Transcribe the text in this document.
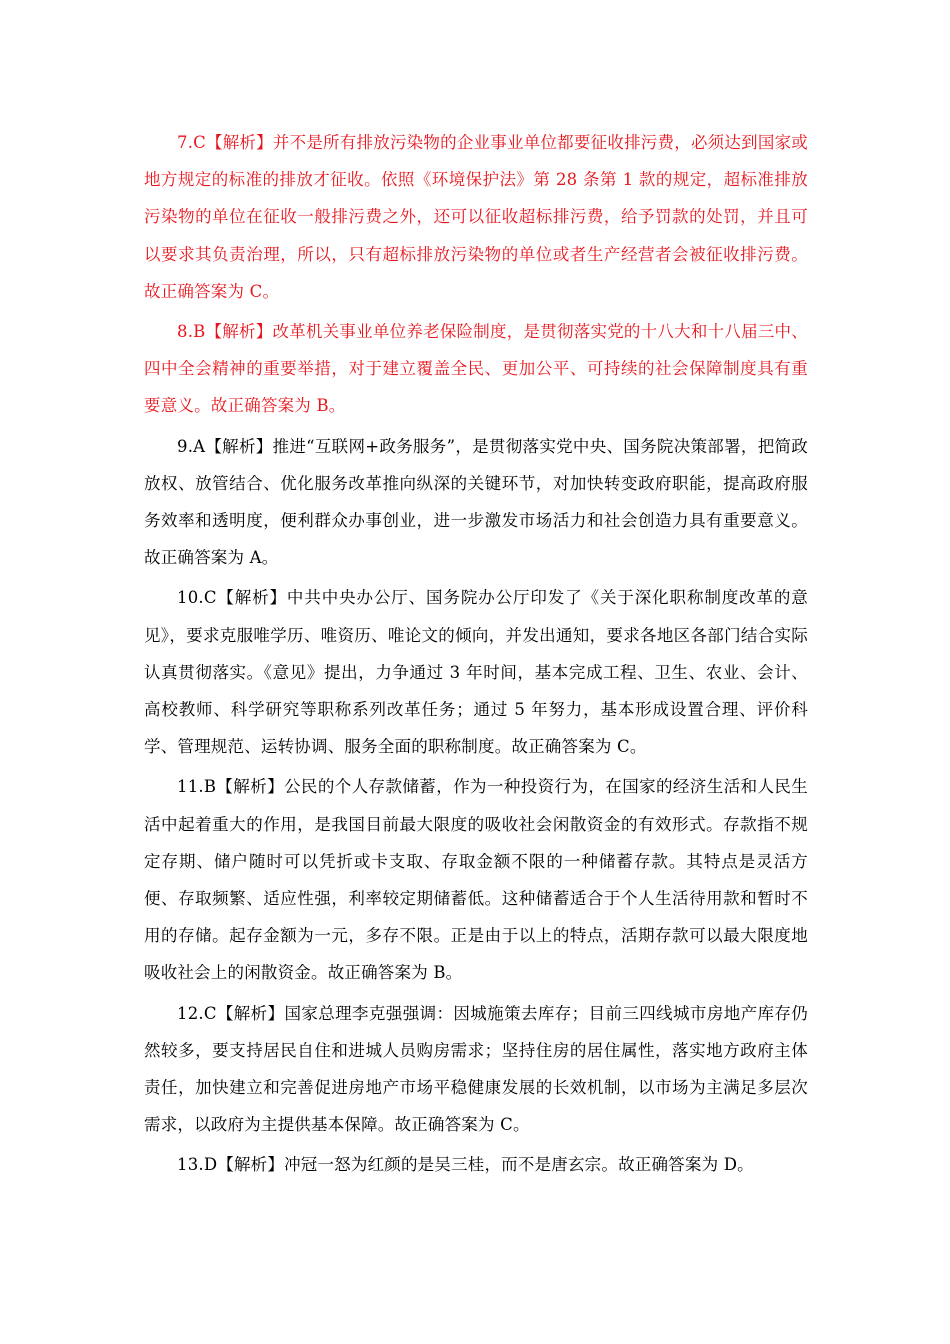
7.C【解析】并不是所有排放污染物的企业事业单位都要征收排污费，必须达到国家或地方规定的标准的排放才征收。依照《环境保护法》第 28 条第 1 款的规定，超标准排放污染物的单位在征收一般排污费之外，还可以征收超标排污费，给予罚款的处罚，并且可以要求其负责治理，所以，只有超标排放污染物的单位或者生产经营者会被征收排污费。故正确答案为 C。

8.B【解析】改革机关事业单位养老保险制度，是贯彻落实党的十八大和十八届三中、四中全会精神的重要举措，对于建立覆盖全民、更加公平、可持续的社会保障制度具有重要意义。故正确答案为 B。

9.A【解析】推进“互联网+政务服务”，是贯彻落实党中央、国务院决策部署，把简政放权、放管结合、优化服务改革推向纵深的关键环节，对加快转变政府职能，提高政府服务效率和透明度，便利群众办事创业，进一步激发市场活力和社会创造力具有重要意义。故正确答案为 A。

10.C【解析】中共中央办公厅、国务院办公厅印发了《关于深化职称制度改革的意见》，要求克服唯学历、唯资历、唯论文的倾向，并发出通知，要求各地区各部门结合实际认真贯彻落实。《意见》提出，力争通过 3 年时间，基本完成工程、卫生、农业、会计、高校教师、科学研究等职称系列改革任务；通过 5 年努力，基本形成设置合理、评价科学、管理规范、运转协调、服务全面的职称制度。故正确答案为 C。

11.B【解析】公民的个人存款储蓄，作为一种投资行为，在国家的经济生活和人民生活中起着重大的作用，是我国目前最大限度的吸收社会闲散资金的有效形式。存款指不规定存期、储户随时可以凭折或卡支取、存取金额不限的一种储蓄存款。其特点是灵活方便、存取频繁、适应性强，利率较定期储蓄低。这种储蓄适合于个人生活待用款和暂时不用的存储。起存金额为一元，多存不限。正是由于以上的特点，活期存款可以最大限度地吸收社会上的闲散资金。故正确答案为 B。

12.C【解析】国家总理李克强强调：因城施策去库存；目前三四线城市房地产库存仍然较多，要支持居民自住和进城人员购房需求；坚持住房的居住属性，落实地方政府主体责任，加快建立和完善促进房地产市场平稳健康发展的长效机制，以市场为主满足多层次需求，以政府为主提供基本保障。故正确答案为 C。

13.D【解析】冲冠一怒为红颜的是吴三桂，而不是唐玄宗。故正确答案为 D。
